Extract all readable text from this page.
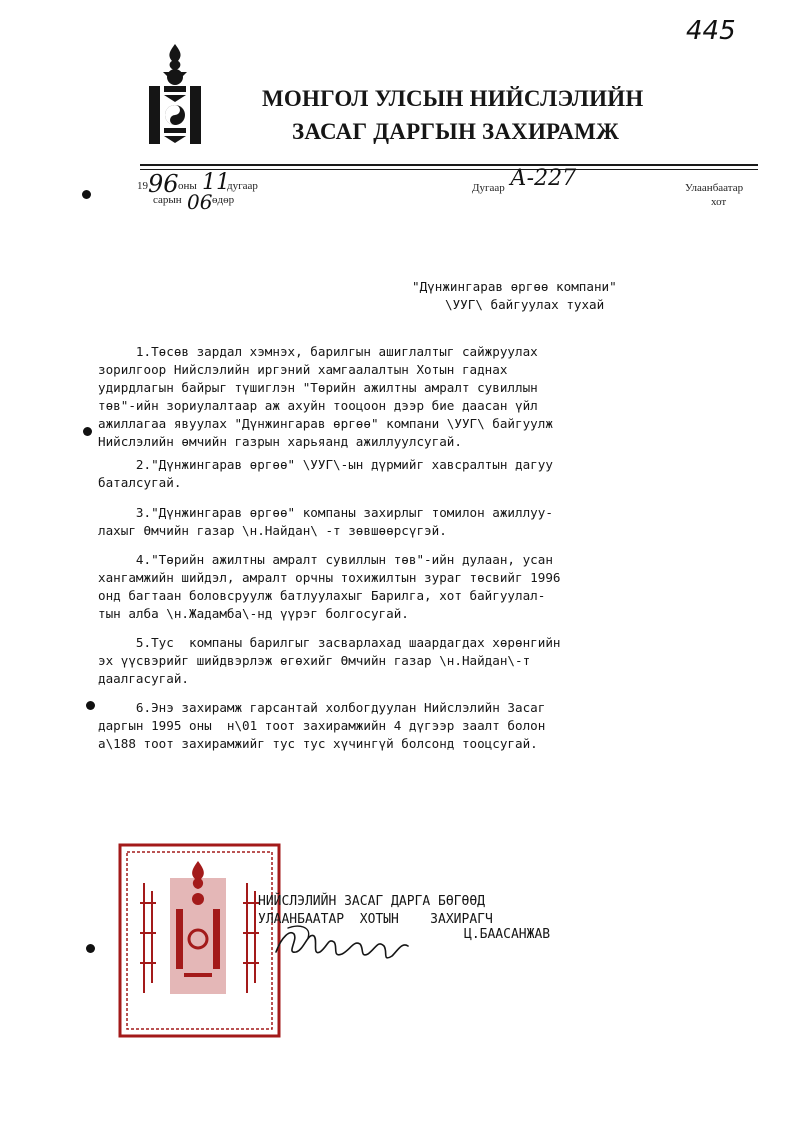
445
МОНГОЛ УЛСЫН НИЙСЛЭЛИЙН
ЗАСАГ ДАРГЫН ЗАХИРАМЖ
19 96 оны 11
дугаар
сарын 06 өдөр
Дугаар А-227	Улаанбаатар
хот
"Дүнжингарав өргөө компани"
\УУГ\ байгуулах тухай
1.Төсөв зардал хэмнэх, барилгын ашиглалтыг сайжруулах
зорилгоор Нийслэлийн иргэний хамгаалалтын Хотын гаднах
удирдлагын байрыг түшиглэн "Төрийн ажилтны амралт сувиллын
төв"-ийн зориулалтаар аж ахуйн тооцоон дээр бие даасан үйл
ажиллагаа явуулах "Дүнжингарав өргөө" компани \УУГ\ байгуулж
Нийслэлийн өмчийн газрын харьяанд ажиллуулсугай.
2."Дүнжингарав өргөө" \УУГ\-ын дүрмийг хавсралтын дагуу
баталсугай.
3."Дүнжингарав өргөө" компаны захирлыг томилон ажиллуу-
лахыг Өмчийн газар \н.Найдан\ -т зөвшөөрсүгэй.
4."Төрийн ажилтны амралт сувиллын төв"-ийн дулаан, усан
хангамжийн шийдэл, амралт орчны тохижилтын зураг төсвийг 1996
онд багтаан боловсруулж батлуулахыг Барилга, хот байгуулал-
тын алба \н.Жадамба\-нд үүрэг болгосугай.
5.Тус  компаны барилгыг засварлахад шаардагдах хөрөнгийн
эх үүсвэрийг шийдвэрлэж өгөхийг Өмчийн газар \н.Найдан\-т
даалгасугай.
6.Энэ захирамж гарсантай холбогдуулан Нийслэлийн Засаг
даргын 1995 оны  н\01 тоот захирамжийн 4 дүгээр заалт болон
а\188 тоот захирамжийг тус тус хүчингүй болсонд тооцсугай.
НИЙСЛЭЛИЙН ЗАСАГ ДАРГА БӨГӨӨД
УЛААНБААТАР  ХОТЫН    ЗАХИРАГЧ
Ц.БААСАНЖАВ
